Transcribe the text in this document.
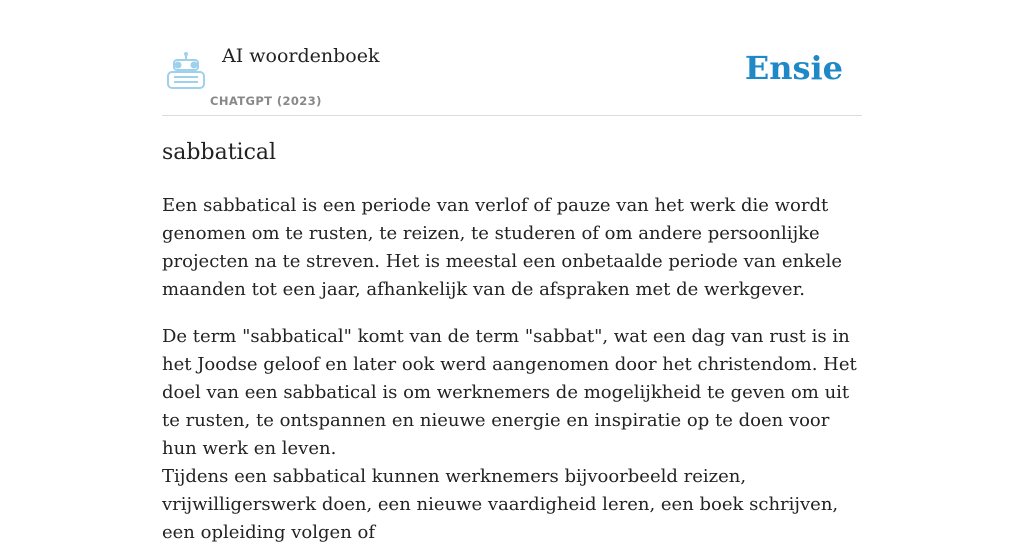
AI woordenboek
CHATGPT (2023)
Ensie
sabbatical

Een sabbatical is een periode van verlof of pauze van het werk die wordt genomen om te rusten, te reizen, te studeren of om andere persoonlijke projecten na te streven. Het is meestal een onbetaalde periode van enkele maanden tot een jaar, afhankelijk van de afspraken met de werkgever.

De term "sabbatical" komt van de term "sabbat", wat een dag van rust is in het Joodse geloof en later ook werd aangenomen door het christendom. Het doel van een sabbatical is om werknemers de mogelijkheid te geven om uit te rusten, te ontspannen en nieuwe energie en inspiratie op te doen voor hun werk en leven.

Tijdens een sabbatical kunnen werknemers bijvoorbeeld reizen, vrijwilligerswerk doen, een nieuwe vaardigheid leren, een boek schrijven, een opleiding volgen of
